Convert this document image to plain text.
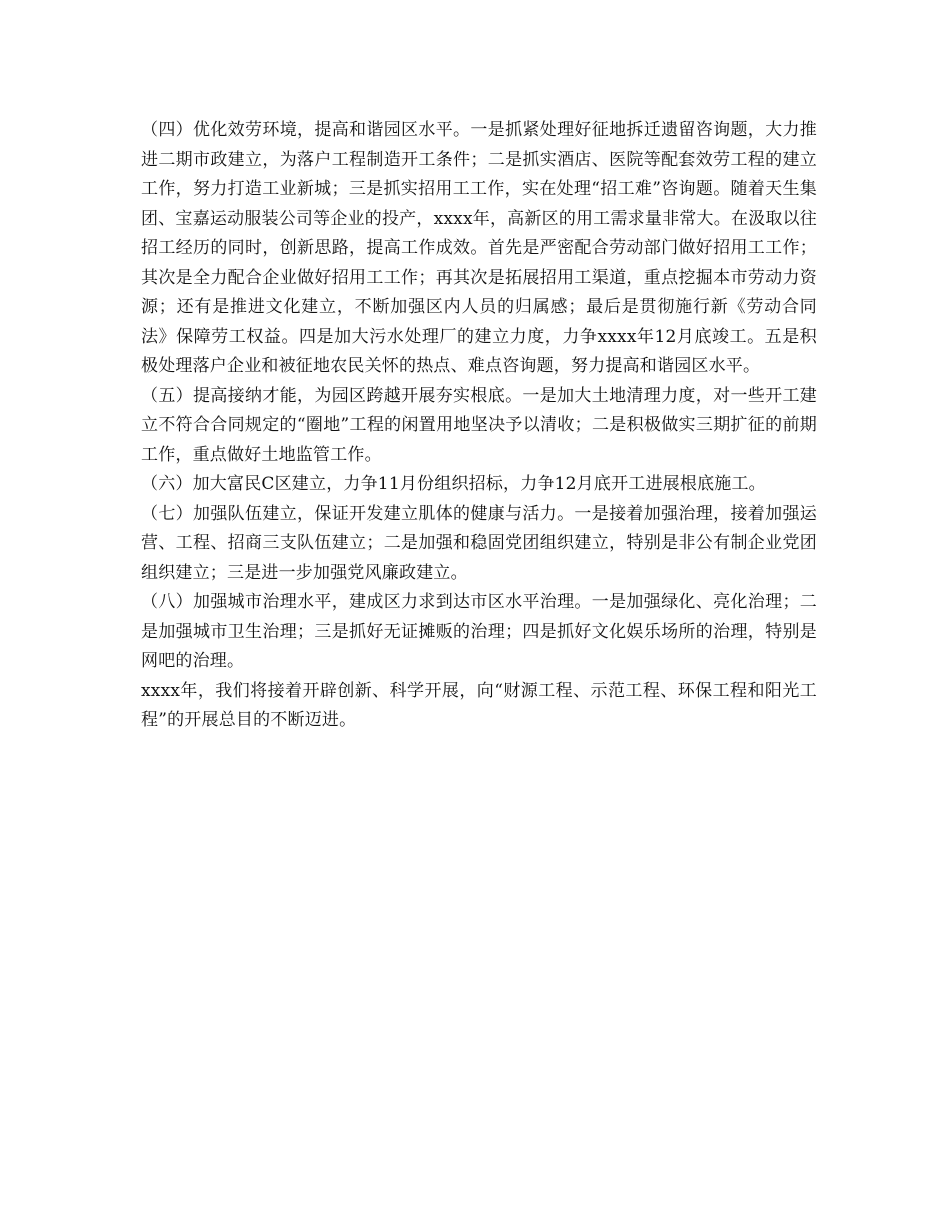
（四）优化效劳环境，提高和谐园区水平。一是抓紧处理好征地拆迁遗留咨询题，大力推进二期市政建立，为落户工程制造开工条件；二是抓实酒店、医院等配套效劳工程的建立工作，努力打造工业新城；三是抓实招用工工作，实在处理“招工难”咨询题。随着天生集团、宝嘉运动服装公司等企业的投产，xxxx年，高新区的用工需求量非常大。在汲取以往招工经历的同时，创新思路，提高工作成效。首先是严密配合劳动部门做好招用工工作；其次是全力配合企业做好招用工工作；再其次是拓展招用工渠道，重点挖掘本市劳动力资源；还有是推进文化建立，不断加强区内人员的归属感；最后是贯彻施行新《劳动合同法》保障劳工权益。四是加大污水处理厂的建立力度，力争xxxx年12月底竣工。五是积极处理落户企业和被征地农民关怀的热点、难点咨询题，努力提高和谐园区水平。

（五）提高接纳才能，为园区跨越开展夯实根底。一是加大土地清理力度，对一些开工建立不符合合同规定的“圈地”工程的闲置用地坚决予以清收；二是积极做实三期扩征的前期工作，重点做好土地监管工作。

（六）加大富民C区建立，力争11月份组织招标，力争12月底开工进展根底施工。

（七）加强队伍建立，保证开发建立肌体的健康与活力。一是接着加强治理，接着加强运营、工程、招商三支队伍建立；二是加强和稳固党团组织建立，特别是非公有制企业党团组织建立；三是进一步加强党风廉政建立。

（八）加强城市治理水平，建成区力求到达市区水平治理。一是加强绿化、亮化治理；二是加强城市卫生治理；三是抓好无证摊贩的治理；四是抓好文化娱乐场所的治理，特别是网吧的治理。

xxxx年，我们将接着开辟创新、科学开展，向“财源工程、示范工程、环保工程和阳光工程”的开展总目的不断迈进。
